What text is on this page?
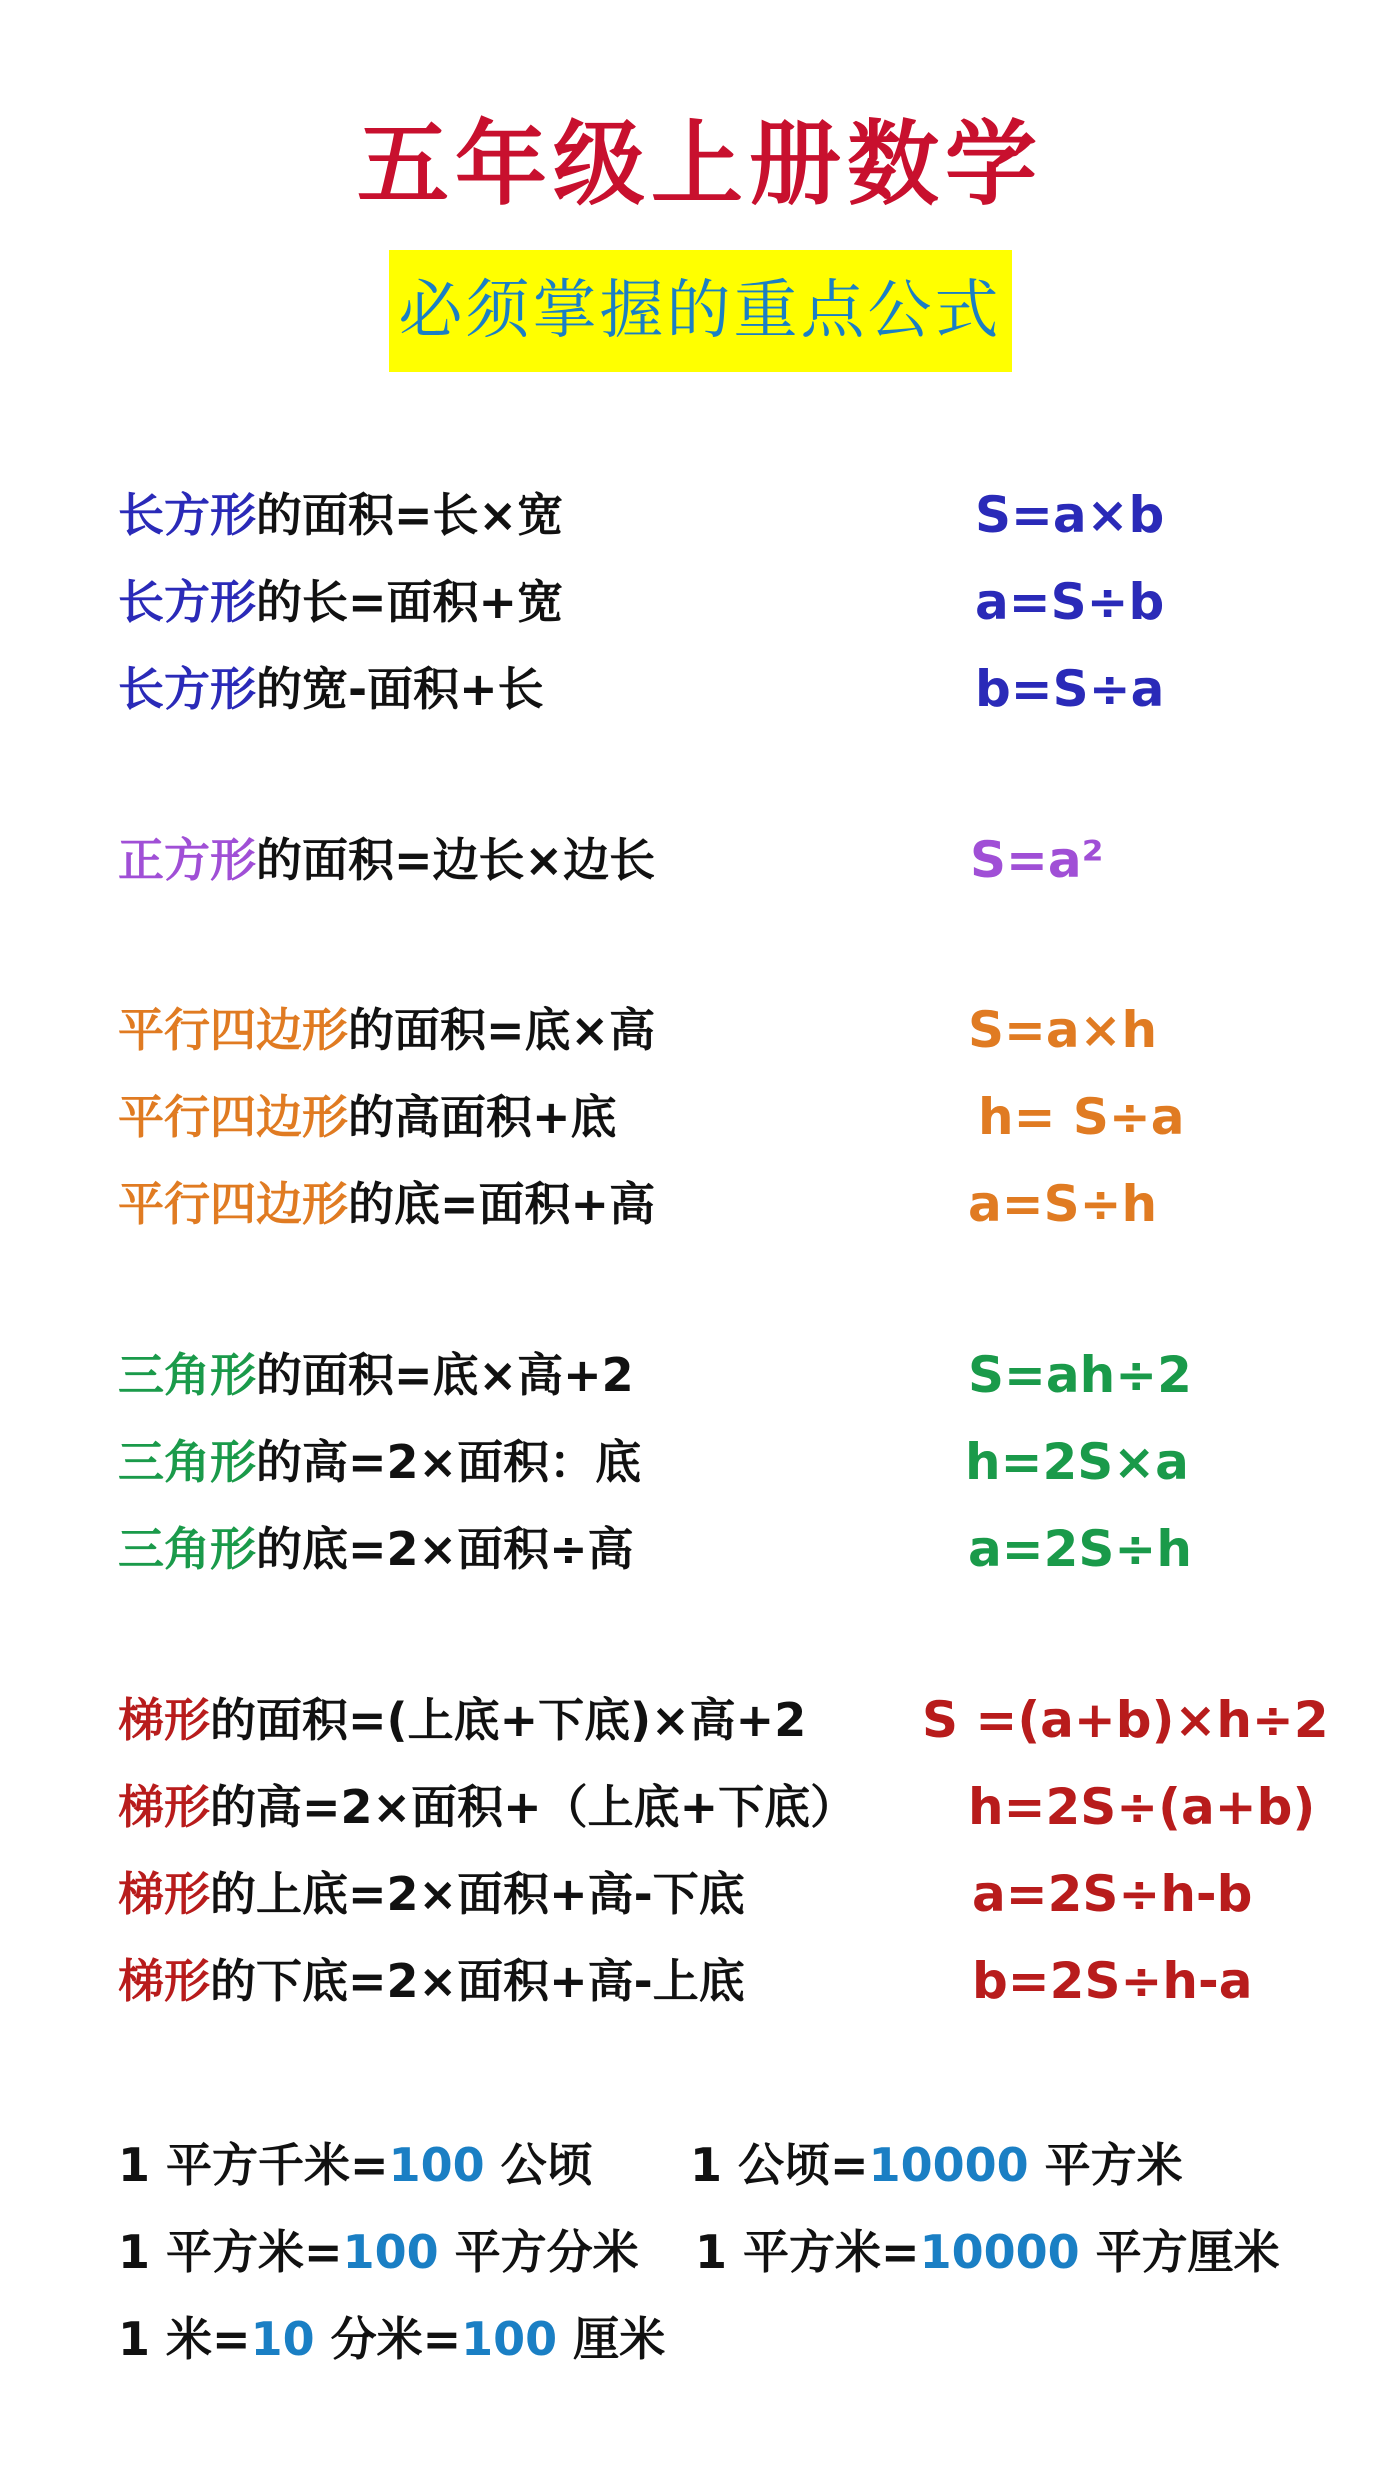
五年级上册数学
必须掌握的重点公式
长方形的面积=长×宽	S=a×b
长方形的长=面积+宽	a=S÷b
长方形的宽-面积+长	b=S÷a
正方形的面积=边长×边长	S=a²
平行四边形的面积=底×高	S=a×h
平行四边形的高面积+底	h= S÷a
平行四边形的底=面积+高	a=S÷h
三角形的面积=底×高+2	S=ah÷2
三角形的高=2×面积：底	h=2S×a
三角形的底=2×面积÷高	a=2S÷h
梯形的面积=(上底+下底)×高+2 S =(a+b)×h÷2
梯形的高=2×面积+（上底+下底） h=2S÷(a+b)
梯形的上底=2×面积+高-下底	a=2S÷h-b
梯形的下底=2×面积+高-上底	b=2S÷h-a
1 平方千米=100 公顷 1 公顷=10000 平方米
1 平方米=100 平方分米 1 平方米=10000 平方厘米
1 米=10 分米=100 厘米
